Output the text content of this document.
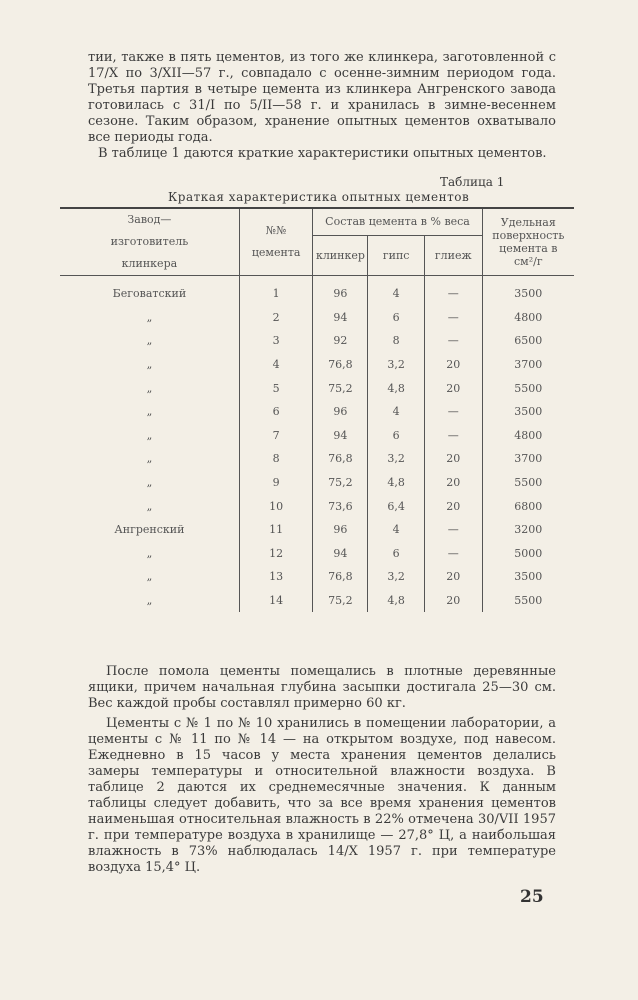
тии, также в пять цементов, из того же клинкера, заготовленной с 17/X по 3/XII—57 г., совпадало с осенне-зимним периодом года. Третья партия в четыре цемента из клинкера Ангренского завода готовилась с 31/I по 5/II—58 г. и хранилась в зимне-весеннем сезоне. Таким образом, хранение опытных цементов охватывало все периоды года.

В таблице 1 даются краткие характеристики опытных цементов.

Таблица 1
Краткая характеристика опытных цементов
Завод—изготовитель клинкера	№№ цемента	Состав цемента в % веса			Удельная поверхность цемента в см²/г
		клинкер	гипс	глиеж	
Беговатский	1	96	4	—	3500
„	2	94	6	—	4800
„	3	92	8	—	6500
„	4	76,8	3,2	20	3700
„	5	75,2	4,8	20	5500
„	6	96	4	—	3500
„	7	94	6	—	4800
„	8	76,8	3,2	20	3700
„	9	75,2	4,8	20	5500
„	10	73,6	6,4	20	6800
Ангренский	11	96	4	—	3200
„	12	94	6	—	5000
„	13	76,8	3,2	20	3500
„	14	75,2	4,8	20	5500

После помола цементы помещались в плотные деревянные ящики, причем начальная глубина засыпки достигала 25—30 см. Вес каждой пробы составлял примерно 60 кг.

Цементы с № 1 по № 10 хранились в помещении лаборатории, а цементы с № 11 по № 14 — на открытом воздухе, под навесом. Ежедневно в 15 часов у места хранения цементов делались замеры температуры и относительной влажности воздуха. В таблице 2 даются их среднемесячные значения. К данным таблицы следует добавить, что за все время хранения цементов наименьшая относительная влажность в 22% отмечена 30/VII 1957 г. при температуре воздуха в хранилище — 27,8° Ц, а наибольшая влажность в 73% наблюдалась 14/X 1957 г. при температуре воздуха 15,4° Ц.

25
